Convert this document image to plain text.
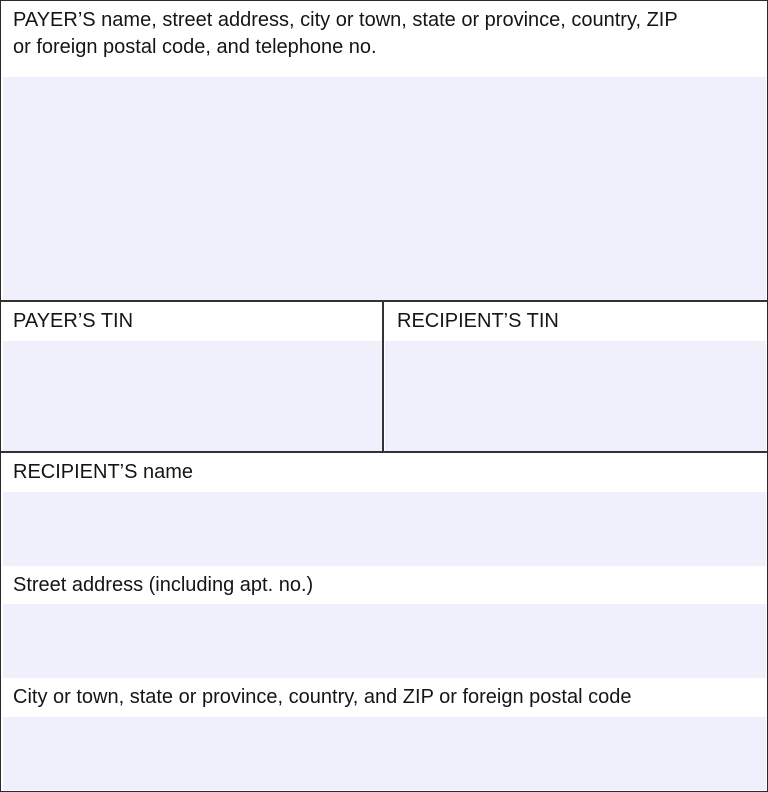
PAYER’S name, street address, city or town, state or province, country, ZIP
or foreign postal code, and telephone no.
PAYER’S TIN	RECIPIENT’S TIN
RECIPIENT’S name
Street address (including apt. no.)
City or town, state or province, country, and ZIP or foreign postal code
